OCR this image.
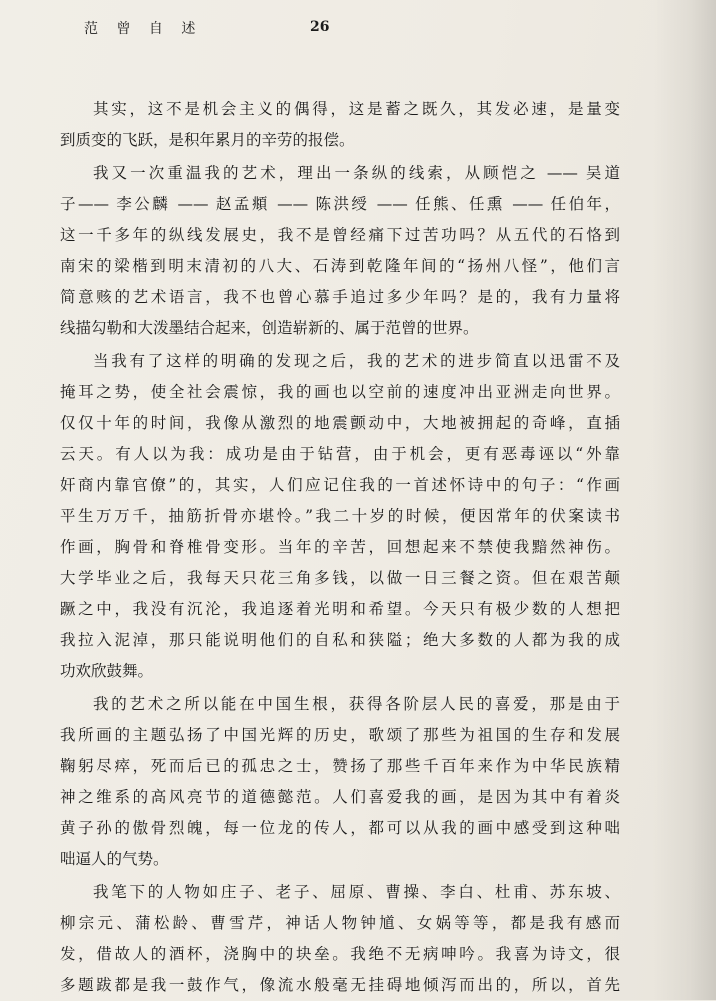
范 曾 自 述	26

其实，这不是机会主义的偶得，这是蓄之既久，其发必速，是量变
到质变的飞跃，是积年累月的辛劳的报偿。

我又一次重温我的艺术，理出一条纵的线索，从顾恺之 —— 吴道
子—— 李公麟 —— 赵孟頫 —— 陈洪绶 —— 任熊、任熏 —— 任伯年，
这一千多年的纵线发展史，我不是曾经痛下过苦功吗？从五代的石恪到
南宋的梁楷到明末清初的八大、石涛到乾隆年间的“扬州八怪”，他们言
简意赅的艺术语言，我不也曾心慕手追过多少年吗？是的，我有力量将
线描勾勒和大泼墨结合起来，创造崭新的、属于范曾的世界。

当我有了这样的明确的发现之后，我的艺术的进步简直以迅雷不及
掩耳之势，使全社会震惊，我的画也以空前的速度冲出亚洲走向世界。
仅仅十年的时间，我像从激烈的地震颤动中，大地被拥起的奇峰，直插
云天。有人以为我：成功是由于钻营，由于机会，更有恶毒诬以“外靠
奸商内靠官僚”的，其实，人们应记住我的一首述怀诗中的句子：“作画
平生万万千，抽筋折骨亦堪怜。”我二十岁的时候，便因常年的伏案读书
作画，胸骨和脊椎骨变形。当年的辛苦，回想起来不禁使我黯然神伤。
大学毕业之后，我每天只花三角多钱，以做一日三餐之资。但在艰苦颠
蹶之中，我没有沉沦，我追逐着光明和希望。今天只有极少数的人想把
我拉入泥淖，那只能说明他们的自私和狭隘；绝大多数的人都为我的成
功欢欣鼓舞。

我的艺术之所以能在中国生根，获得各阶层人民的喜爱，那是由于
我所画的主题弘扬了中国光辉的历史，歌颂了那些为祖国的生存和发展
鞠躬尽瘁，死而后已的孤忠之士，赞扬了那些千百年来作为中华民族精
神之维系的高风亮节的道德懿范。人们喜爱我的画，是因为其中有着炎
黄子孙的傲骨烈魄，每一位龙的传人，都可以从我的画中感受到这种咄
咄逼人的气势。

我笔下的人物如庄子、老子、屈原、曹操、李白、杜甫、苏东坡、
柳宗元、蒲松龄、曹雪芹，神话人物钟馗、女娲等等，都是我有感而
发，借故人的酒杯，浇胸中的块垒。我绝不无病呻吟。我喜为诗文，很
多题跋都是我一鼓作气，像流水般毫无挂碍地倾泻而出的，所以，首先
